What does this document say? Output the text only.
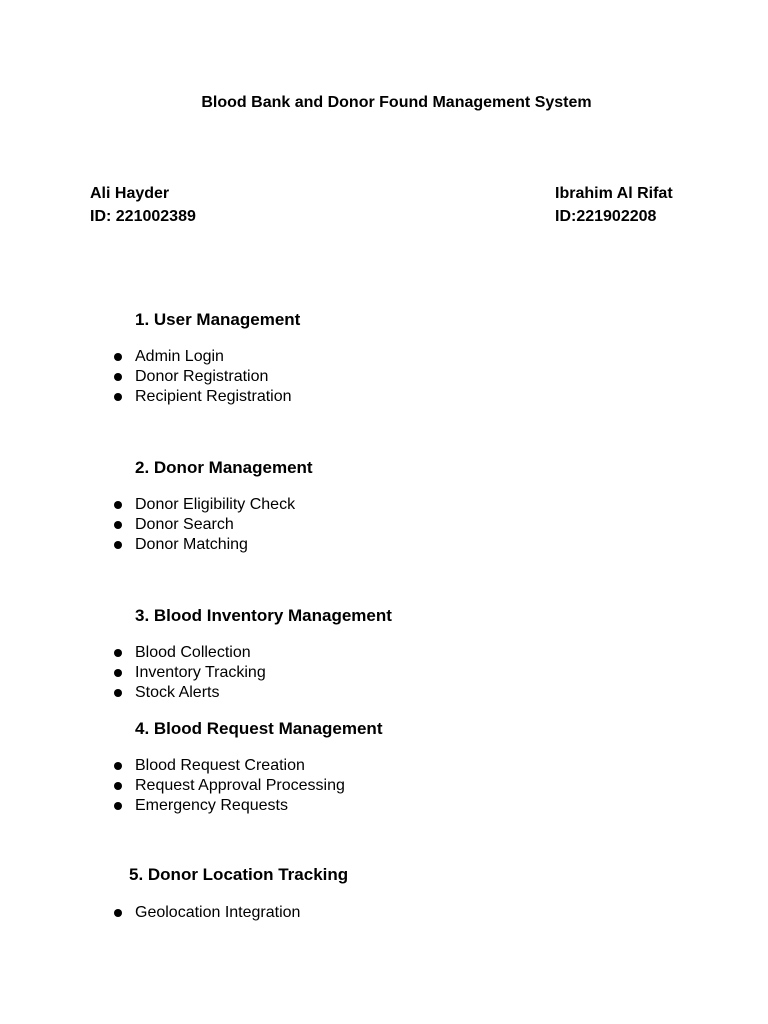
Blood Bank and Donor Found Management System
Ali Hayder
ID: 221002389
Ibrahim Al Rifat
ID:221902208
1. User Management
Admin Login
Donor Registration
Recipient Registration
2. Donor Management
Donor Eligibility Check
Donor Search
Donor Matching
3. Blood Inventory Management
Blood Collection
Inventory Tracking
Stock Alerts
4. Blood Request Management
Blood Request Creation
Request Approval Processing
Emergency Requests
5. Donor Location Tracking
Geolocation Integration
